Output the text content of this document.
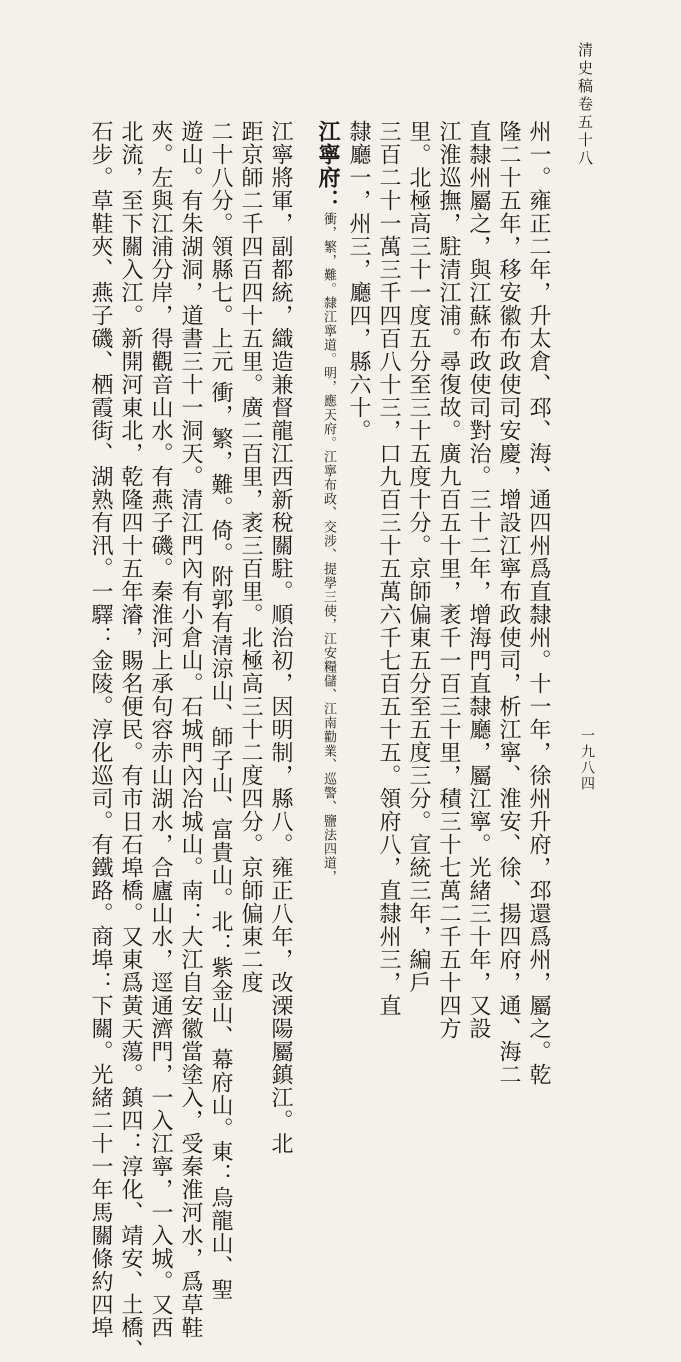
清史稿卷五十八
一九八四
州一。雍正二年，升太倉、邳、海、通四州爲直隸州。十一年，徐州升府，邳還爲州，屬之。乾
隆二十五年，移安徽布政使司安慶，增設江寧布政使司，析江寧、淮安、徐、揚四府，通、海二
直隸州屬之，與江蘇布政使司對治。三十二年，增海門直隸廳，屬江寧。光緒三十年，又設
江淮巡撫，駐清江浦。尋復故。廣九百五十里，袤千一百三十里，積三十七萬二千五十四方
里。北極高三十一度五分至三十五度十分。京師偏東五分至五度三分。宣統三年，編戶
三百二十一萬三千四百八十三，口九百三十五萬六千七百五十五。領府八，直隸州三，直
隸廳一，州三，廳四，縣六十。
江寧府：衝，繁，難。隸江寧道。明，應天府。江寧布政、交涉、提學三使，江安糧儲、江南勸業、巡警、鹽法四道，
江寧將軍，副都統，織造兼督龍江西新稅關駐。順治初，因明制，縣八。雍正八年，改溧陽屬鎮江。北
距京師二千四百四十五里。廣二百里，袤三百里。北極高三十二度四分。京師偏東二度
二十八分。領縣七。上元 衝，繁，難。倚。附郭有清涼山、師子山、富貴山。北：紫金山、幕府山。東：烏龍山、聖
遊山。有朱湖洞，道書三十一洞天。清江門內有小倉山。石城門內冶城山。南：大江自安徽當塗入，受秦淮河水，爲草鞋
夾。左與江浦分岸，得觀音山水。有燕子磯。秦淮河上承句容赤山湖水，合廬山水，逕通濟門，一入江寧，一入城。又西
北流，至下關入江。新開河東北，乾隆四十五年濬，賜名便民。有市日石埠橋。又東爲黃天蕩。鎮四：淳化、靖安、土橋、
石步。草鞋夾、燕子磯、栖霞街、湖熟有汛。一驛：金陵。淳化巡司。有鐵路。商埠：下關。光緒二十一年馬關條約四埠
